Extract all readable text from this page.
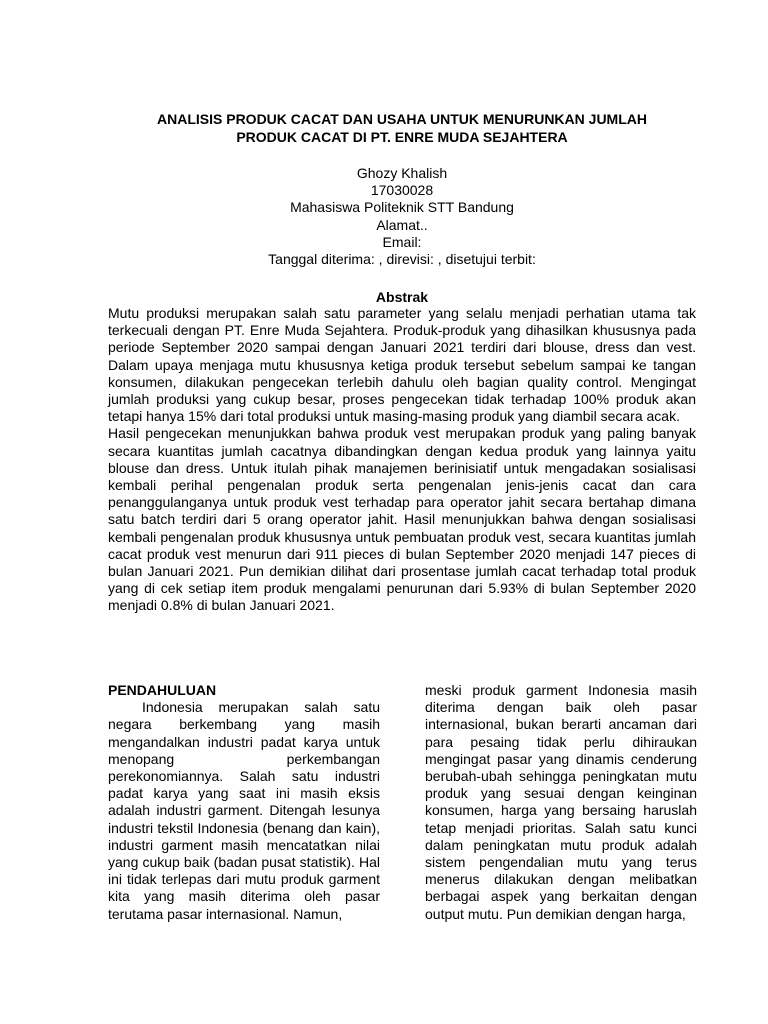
ANALISIS PRODUK CACAT DAN USAHA UNTUK MENURUNKAN JUMLAH
PRODUK CACAT DI PT. ENRE MUDA SEJAHTERA
Ghozy Khalish
17030028
Mahasiswa Politeknik STT Bandung
Alamat..
Email:
Tanggal diterima: , direvisi: , disetujui terbit:
Abstrak

Mutu produksi merupakan salah satu parameter yang selalu menjadi perhatian utama tak terkecuali dengan PT. Enre Muda Sejahtera. Produk-produk yang dihasilkan khususnya pada periode September 2020 sampai dengan Januari 2021 terdiri dari blouse, dress dan vest. Dalam upaya menjaga mutu khususnya ketiga produk tersebut sebelum sampai ke tangan konsumen, dilakukan pengecekan terlebih dahulu oleh bagian quality control. Mengingat jumlah produksi yang cukup besar, proses pengecekan tidak terhadap 100% produk akan tetapi hanya 15% dari total produksi untuk masing-masing produk yang diambil secara acak.

Hasil pengecekan menunjukkan bahwa produk vest merupakan produk yang paling banyak secara kuantitas jumlah cacatnya dibandingkan dengan kedua produk yang lainnya yaitu blouse dan dress. Untuk itulah pihak manajemen berinisiatif untuk mengadakan sosialisasi kembali perihal pengenalan produk serta pengenalan jenis-jenis cacat dan cara penanggulanganya untuk produk vest terhadap para operator jahit secara bertahap dimana satu batch terdiri dari 5 orang operator jahit. Hasil menunjukkan bahwa dengan sosialisasi kembali pengenalan produk khususnya untuk pembuatan produk vest, secara kuantitas jumlah cacat produk vest menurun dari 911 pieces di bulan September 2020 menjadi 147 pieces di bulan Januari 2021. Pun demikian dilihat dari prosentase jumlah cacat terhadap total produk yang di cek setiap item produk mengalami penurunan dari 5.93% di bulan September 2020 menjadi 0.8% di bulan Januari 2021.

PENDAHULUAN

Indonesia merupakan salah satu negara berkembang yang masih mengandalkan industri padat karya untuk menopang perkembangan perekonomiannya. Salah satu industri padat karya yang saat ini masih eksis adalah industri garment. Ditengah lesunya industri tekstil Indonesia (benang dan kain), industri garment masih mencatatkan nilai yang cukup baik (badan pusat statistik). Hal ini tidak terlepas dari mutu produk garment kita yang masih diterima oleh pasar terutama pasar internasional. Namun,

meski produk garment Indonesia masih diterima dengan baik oleh pasar internasional, bukan berarti ancaman dari para pesaing tidak perlu dihiraukan mengingat pasar yang dinamis cenderung berubah-ubah sehingga peningkatan mutu produk yang sesuai dengan keinginan konsumen, harga yang bersaing haruslah tetap menjadi prioritas. Salah satu kunci dalam peningkatan mutu produk adalah sistem pengendalian mutu yang terus menerus dilakukan dengan melibatkan berbagai aspek yang berkaitan dengan output mutu. Pun demikian dengan harga,
